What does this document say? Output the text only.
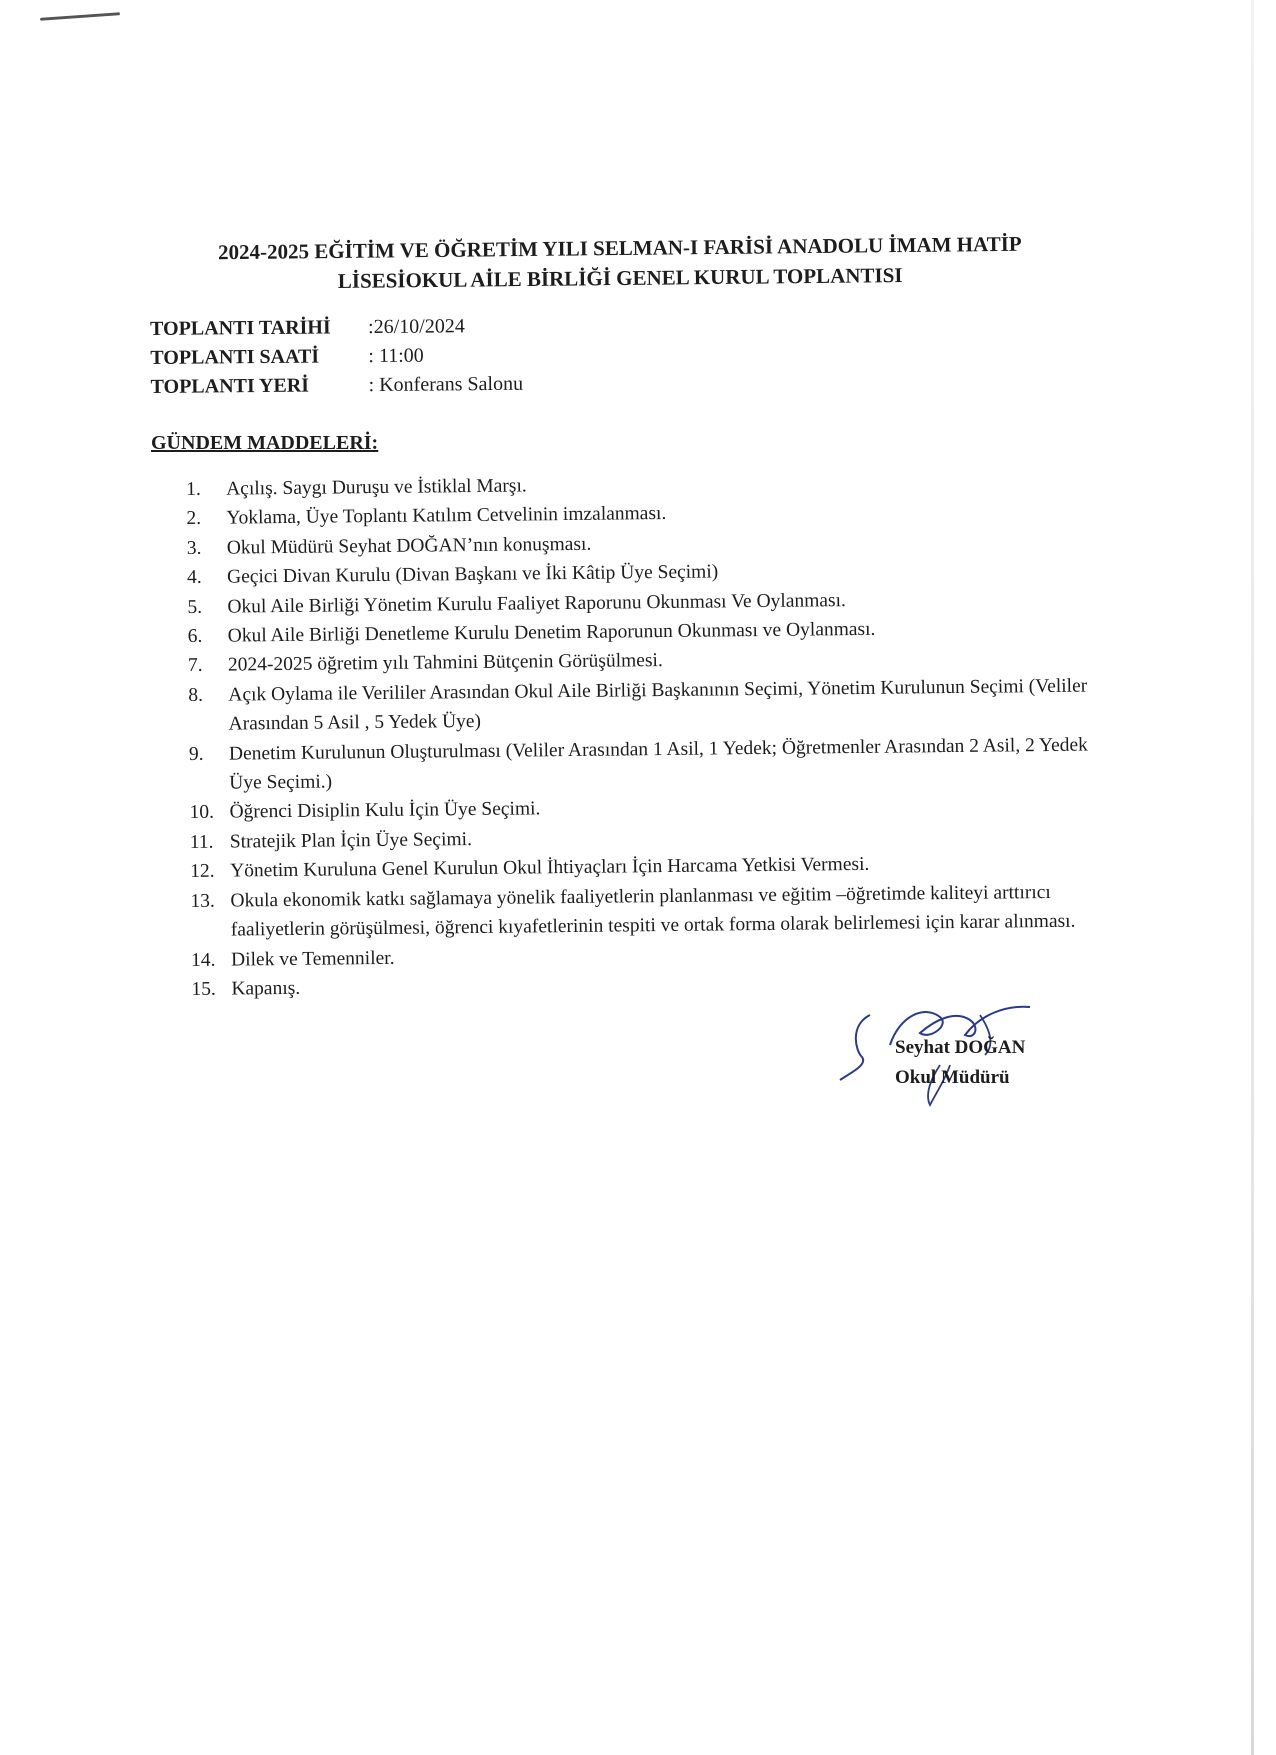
2024-2025 EĞİTİM VE ÖĞRETİM YILI SELMAN-I FARİSİ ANADOLU İMAM HATİP
LİSESİOKUL AİLE BİRLİĞİ GENEL KURUL TOPLANTISI
TOPLANTI TARİHİ :26/10/2024
TOPLANTI SAATİ : 11:00
TOPLANTI YERİ	: Konferans Salonu
GÜNDEM MADDELERİ:
1.	Açılış. Saygı Duruşu ve İstiklal Marşı.
2.	Yoklama, Üye Toplantı Katılım Cetvelinin imzalanması.
3.	Okul Müdürü Seyhat DOĞAN’nın konuşması.
4.	Geçici Divan Kurulu (Divan Başkanı ve İki Kâtip Üye Seçimi)
5.	Okul Aile Birliği Yönetim Kurulu Faaliyet Raporunu Okunması Ve Oylanması.
6.	Okul Aile Birliği Denetleme Kurulu Denetim Raporunun Okunması ve Oylanması.
7.	2024-2025 öğretim yılı Tahmini Bütçenin Görüşülmesi.
8.	Açık Oylama ile Verililer Arasından Okul Aile Birliği Başkanının Seçimi, Yönetim Kurulunun Seçimi (Veliler Arasından 5 Asil , 5 Yedek Üye)
9.	Denetim Kurulunun Oluşturulması (Veliler Arasından 1 Asil, 1 Yedek; Öğretmenler Arasından 2 Asil, 2 Yedek Üye Seçimi.)
10. Öğrenci Disiplin Kulu İçin Üye Seçimi.
11. Stratejik Plan İçin Üye Seçimi.
12. Yönetim Kuruluna Genel Kurulun Okul İhtiyaçları İçin Harcama Yetkisi Vermesi.
13. Okula ekonomik katkı sağlamaya yönelik faaliyetlerin planlanması ve eğitim –öğretimde kaliteyi arttırıcı faaliyetlerin görüşülmesi, öğrenci kıyafetlerinin tespiti ve ortak forma olarak belirlemesi için karar alınması.
14. Dilek ve Temenniler.
15. Kapanış.
Seyhat DOĞAN
Okul Müdürü
